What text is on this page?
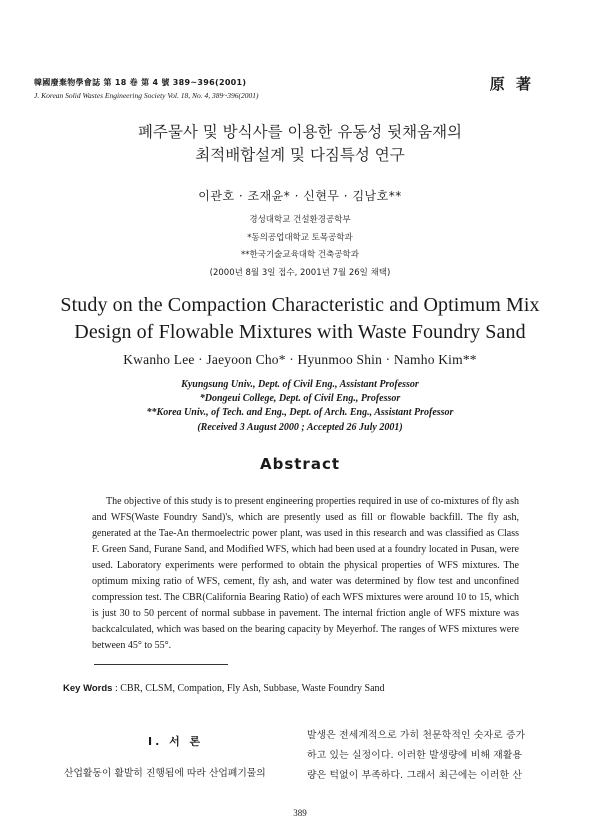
韓國廢棄物學會誌 第 18 卷 第 4 號 389~396(2001)
J. Korean Solid Wastes Engineering Society Vol. 18, No. 4, 389~396(2001)
原 著
폐주물사 및 방식사를 이용한 유동성 뒷채움재의
최적배합설계 및 다짐특성 연구
이관호 · 조재윤* · 신현무 · 김남호**
경성대학교 건설환경공학부
*동의공업대학교 토목공학과
**한국기술교육대학 건축공학과
(2000년 8월 3일 접수, 2001년 7월 26일 채택)
Study on the Compaction Characteristic and Optimum Mix
Design of Flowable Mixtures with Waste Foundry Sand
Kwanho Lee · Jaeyoon Cho* · Hyunmoo Shin · Namho Kim**
Kyungsung Univ., Dept. of Civil Eng., Assistant Professor
*Dongeui College, Dept. of Civil Eng., Professor
**Korea Univ., of Tech. and Eng., Dept. of Arch. Eng., Assistant Professor
(Received 3 August 2000 ; Accepted 26 July 2001)
Abstract
The objective of this study is to present engineering properties required in use of co-mixtures of fly ash and WFS(Waste Foundry Sand)'s, which are presently used as fill or flowable backfill. The fly ash, generated at the Tae-An thermoelectric power plant, was used in this research and was classified as Class F. Green Sand, Furane Sand, and Modified WFS, which had been used at a foundry located in Pusan, were used. Laboratory experiments were performed to obtain the physical properties of WFS mixtures. The optimum mixing ratio of WFS, cement, fly ash, and water was determined by flow test and unconfined compression test. The CBR(California Bearing Ratio) of each WFS mixtures were around 10 to 15, which is just 30 to 50 percent of normal subbase in pavement. The internal friction angle of WFS mixture was backcalculated, which was based on the bearing capacity by Meyerhof. The ranges of WFS mixtures were between 45° to 55°.
Key Words : CBR, CLSM, Compation, Fly Ash, Subbase, Waste Foundry Sand
Ⅰ. 서 론
산업활동이 활발히 진행됨에 따라 산업폐기물의
발생은 전세계적으로 가히 천문학적인 숫자로 증가
하고 있는 실정이다. 이러한 발생량에 비해 재활용
량은 턱없이 부족하다. 그래서 최근에는 이러한 산
389
